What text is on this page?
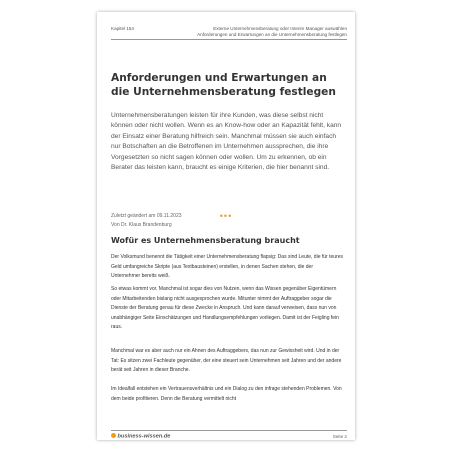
Kapitel 154	Externe Unternehmensberatung oder Interim Manager auswählen
Anforderungen und Erwartungen an die Unternehmensberatung festlegen
Anforderungen und Erwartungen an die Unternehmensberatung festlegen

Unternehmensberatungen leisten für ihre Kunden, was diese selbst nicht können oder nicht wollen. Wenn es an Know-how oder an Kapazität fehlt, kann der Einsatz einer Beratung hilfreich sein. Manchmal müssen sie auch einfach nur Botschaften an die Betroffenen im Unternehmen aussprechen, die ihre Vorgesetzten so nicht sagen können oder wollen. Um zu erkennen, ob ein Berater das leisten kann, braucht es einige Kriterien, die hier benannt sind.

Zuletzt geändert am 09.11.2023
Von Dr. Klaus Brandenburg
•••
Wofür es Unternehmensberatung braucht

Der Volksmund benennt die Tätigkeit einer Unternehmensberatung flapsig: Das sind Leute, die für teures Geld umfangreiche Skripte (aus Textbausteinen) erstellen, in denen Sachen stehen, die der Unternehmer bereits weiß.

So etwas kommt vor. Manchmal ist sogar dies von Nutzen, wenn das Wissen gegenüber Eigentümern oder Mitarbeitenden bislang nicht ausgesprochen wurde. Mitunter nimmt der Auftraggeber sogar die Dienste der Beratung genau für diese Zwecke in Anspruch. Und kann darauf verweisen, dass nun von unabhängiger Seite Einschätzungen und Handlungsempfehlungen vorliegen. Damit ist der Feigling fein raus.

Manchmal war es aber auch nur ein Ahnen des Auftraggebers, das nun zur Gewissheit wird. Und in der Tat: Es sitzen zwei Fachleute gegenüber, der eine steuert sein Unternehmen seit Jahren und der andere berät seit Jahren in dieser Branche.

Im Idealfall entstehen ein Vertrauensverhältnis und ein Dialog zu den infrage stehenden Problemen. Von dem beide profitieren. Denn die Beratung vermittelt nicht

business-wissen.de	Seite 2
